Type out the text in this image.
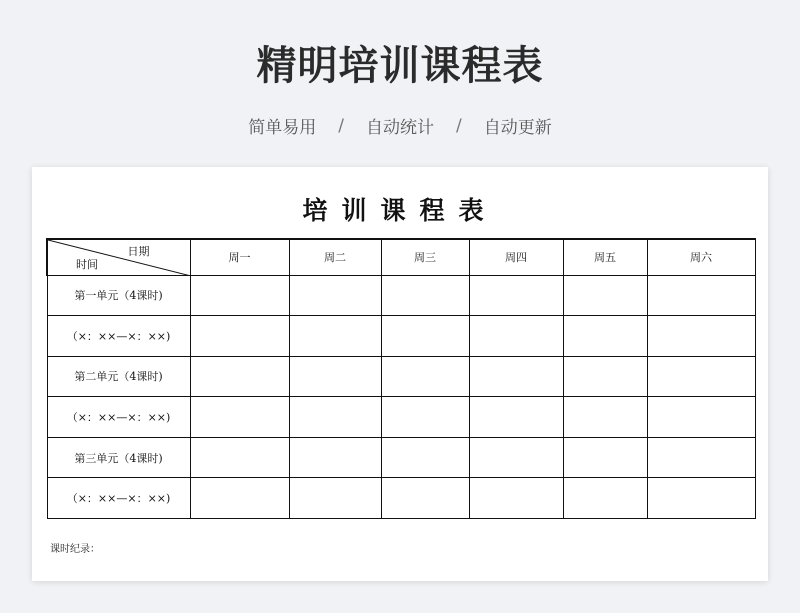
精明培训课程表
简单易用 / 自动统计 / 自动更新
培训课程表
日期
时间	周一	周二	周三	周四	周五	周六
第一单元（4课时)						
（×：××—×：××)						
第二单元（4课时)						
（×：××—×：××)						
第三单元（4课时)						
（×：××—×：××)						
课时纪录：
